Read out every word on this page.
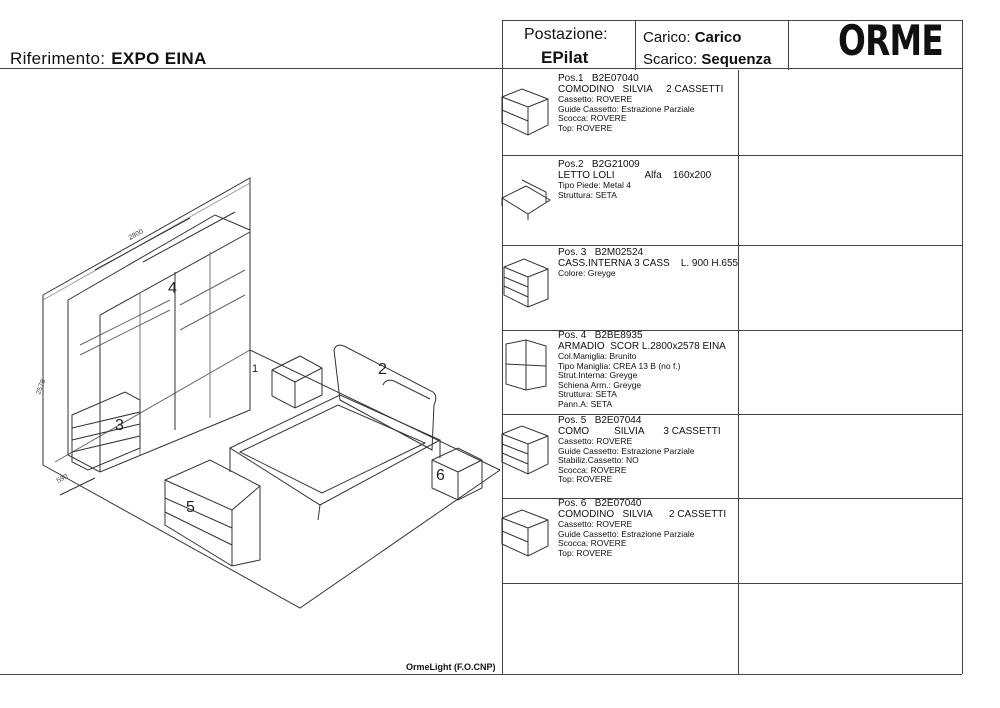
Riferimento: EXPO EINA
Postazione:
EPilat
Carico: Carico
Scarico: Sequenza ORME
1	2
3
4
5
6
2800
2578
590
Pos.1 B2E07040
COMODINO   SILVIA     2 CASSETTI
Cassetto: ROVERE
Guide Cassetto: Estrazione Parziale
Scocca: ROVERE
Top: ROVERE
Pos.2 B2G21009
LETTO LOLI           Alfa    160x200
Tipo Piede: Metal 4
Struttura: SETA
Pos. 3 B2M02524
CASS.INTERNA 3 CASS    L. 900 H.655
Colore: Greyge
Pos. 4 B2BE8935
ARMADIO  SCOR L.2800x2578 EINA
Col.Maniglia: Brunito
Tipo Maniglia: CREA 13 B (no f.)
Strut.Interna: Greyge
Schiena Arm.: Greyge
Struttura: SETA
Pann.A: SETA
Pos. 5 B2E07044
COMO         SILVIA       3 CASSETTI
Cassetto: ROVERE
Guide Cassetto: Estrazione Parziale
Stabiliz.Cassetto: NO
Scocca: ROVERE
Top: ROVERE
Pos. 6 B2E07040
COMODINO   SILVIA      2 CASSETTI
Cassetto: ROVERE
Guide Cassetto: Estrazione Parziale
Scocca: ROVERE
Top: ROVERE
OrmeLight (F.O.CNP)
